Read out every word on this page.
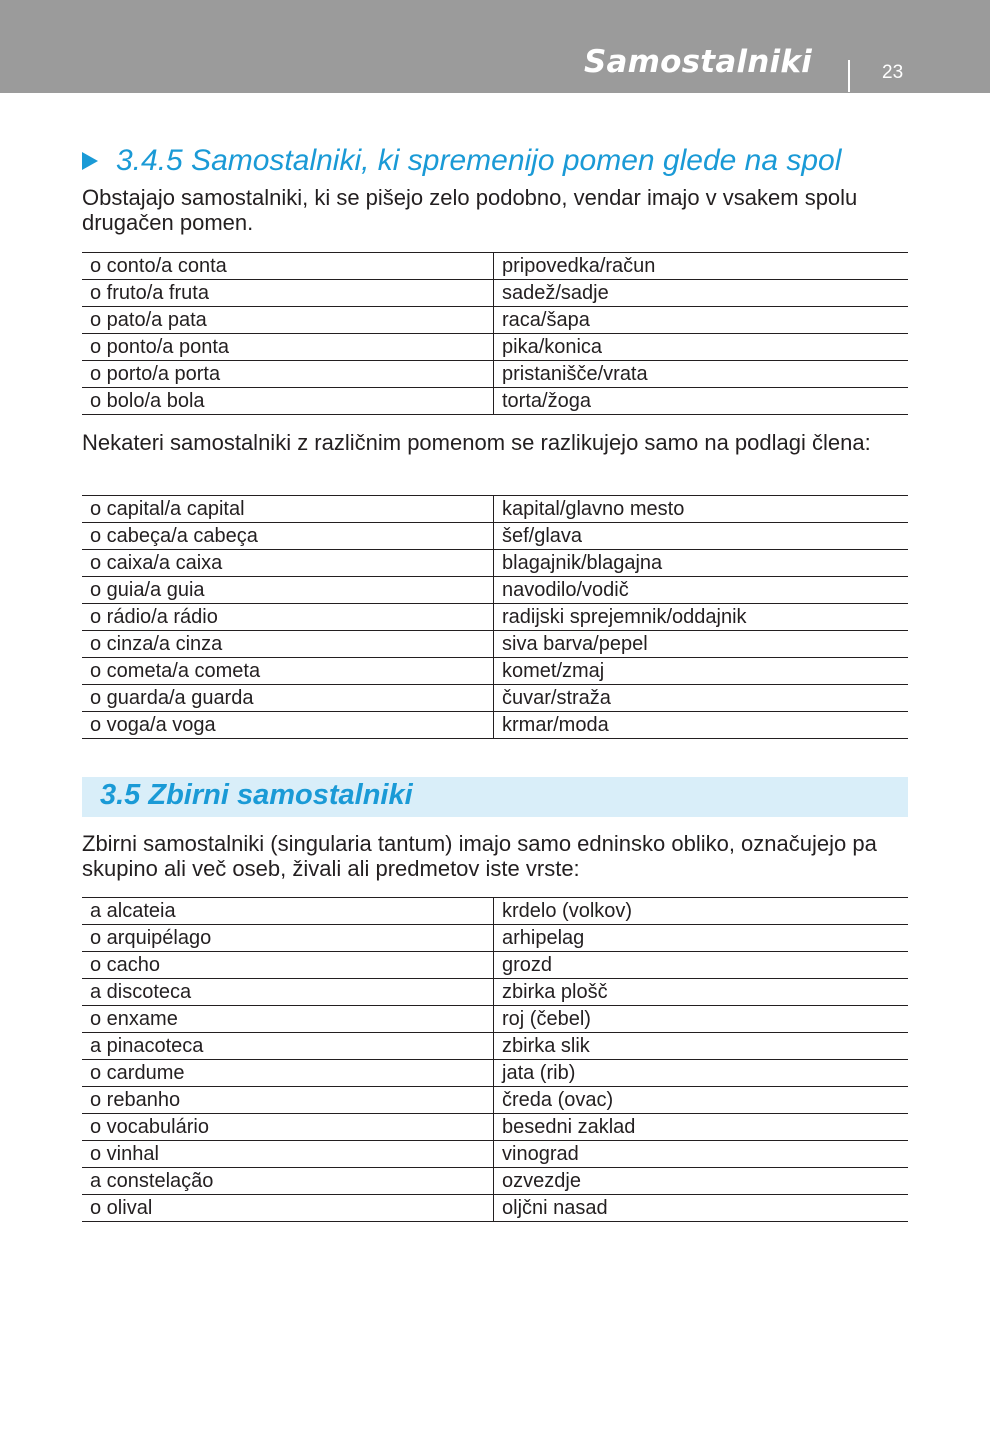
Samostalniki	23
3.4.5 Samostalniki, ki spremenijo pomen glede na spol
Obstajajo samostalniki, ki se pišejo zelo podobno, vendar imajo v vsakem spolu drugačen pomen.
o conto/a conta	pripovedka/račun
o fruto/a fruta	sadež/sadje
o pato/a pata	raca/šapa
o ponto/a ponta	pika/konica
o porto/a porta	pristanišče/vrata
o bolo/a bola	torta/žoga
Nekateri samostalniki z različnim pomenom se razlikujejo samo na podlagi člena:
o capital/a capital	kapital/glavno mesto
o cabeça/a cabeça	šef/glava
o caixa/a caixa	blagajnik/blagajna
o guia/a guia	navodilo/vodič
o rádio/a rádio	radijski sprejemnik/oddajnik
o cinza/a cinza	siva barva/pepel
o cometa/a cometa	komet/zmaj
o guarda/a guarda	čuvar/straža
o voga/a voga	krmar/moda
3.5 Zbirni samostalniki
Zbirni samostalniki (singularia tantum) imajo samo edninsko obliko, označujejo pa skupino ali več oseb, živali ali predmetov iste vrste:
a alcateia	krdelo (volkov)
o arquipélago	arhipelag
o cacho	grozd
a discoteca	zbirka plošč
o enxame	roj (čebel)
a pinacoteca	zbirka slik
o cardume	jata (rib)
o rebanho	čreda (ovac)
o vocabulário	besedni zaklad
o vinhal	vinograd
a constelação	ozvezdje
o olival	oljčni nasad
